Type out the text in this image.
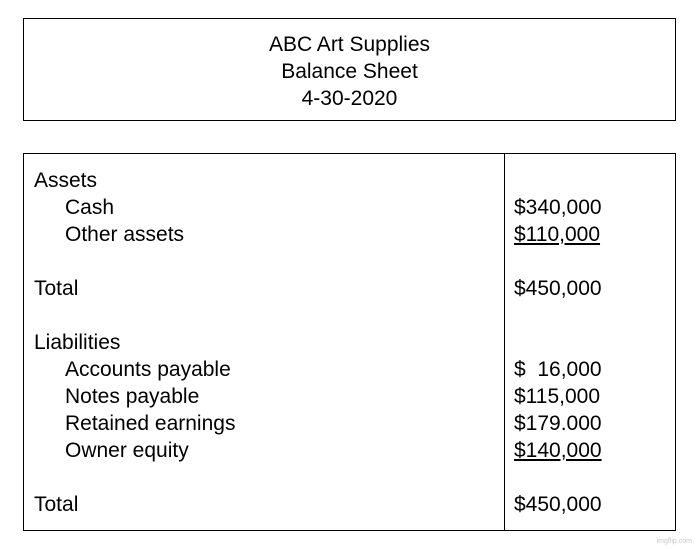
ABC Art Supplies
Balance Sheet
4-30-2020
Assets
Cash	$340,000
Other assets	$110,000
Total	$450,000
Liabilities
Accounts payable	$  16,000
Notes payable	$115,000
Retained earnings	$179.000
Owner equity	$140,000
Total	$450,000
imgflip.com
